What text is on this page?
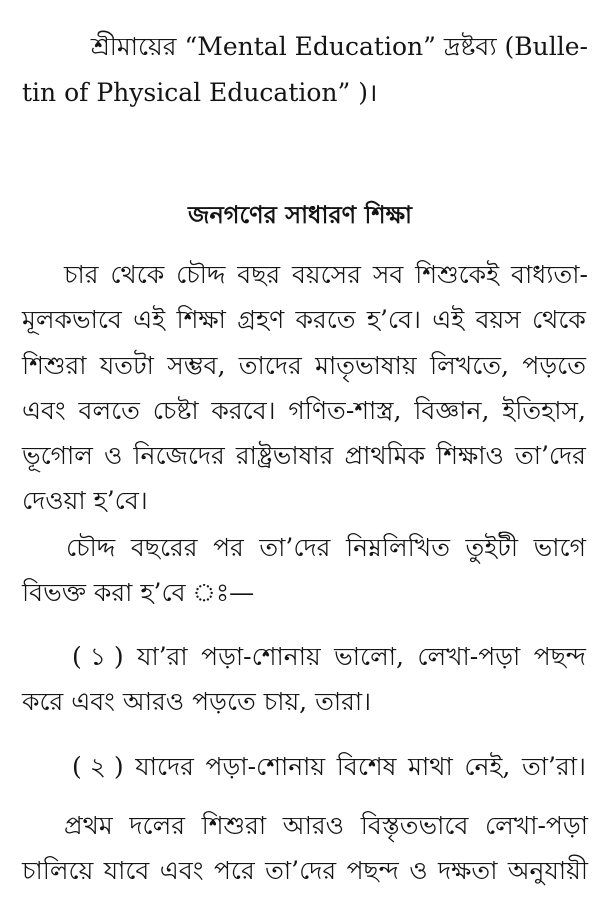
শ্রীমায়ের “Mental Education” দ্রষ্টব্য (Bulle-

tin of Physical Education” )।

জনগণের সাধারণ শিক্ষা
চার থেকে চৌদ্দ বছর বয়সের সব শিশুকেই বাধ্যতা-
মূলকভাবে এই শিক্ষা গ্রহণ করতে হ’বে। এই বয়স থেকে
শিশুরা যতটা সম্ভব, তাদের মাতৃভাষায় লিখতে, পড়তে
এবং বলতে চেষ্টা করবে। গণিত-শাস্ত্র, বিজ্ঞান, ইতিহাস,
ভূগোল ও নিজেদের রাষ্ট্রভাষার প্রাথমিক শিক্ষাও তা’দের

দেওয়া হ’বে।

চৌদ্দ বছরের পর তা’দের নিম্নলিখিত তুইটী ভাগে

বিভক্ত করা হ’বে ঃ—

( ১ ) যা’রা পড়া-শোনায় ভালো, লেখা-পড়া পছন্দ

করে এবং আরও পড়তে চায়, তারা।

( ২ ) যাদের পড়া-শোনায় বিশেষ মাথা নেই, তা’রা।
প্রথম দলের শিশুরা আরও বিস্তৃতভাবে লেখা-পড়া
চালিয়ে যাবে এবং পরে তা’দের পছন্দ ও দক্ষতা অনুযায়ী
